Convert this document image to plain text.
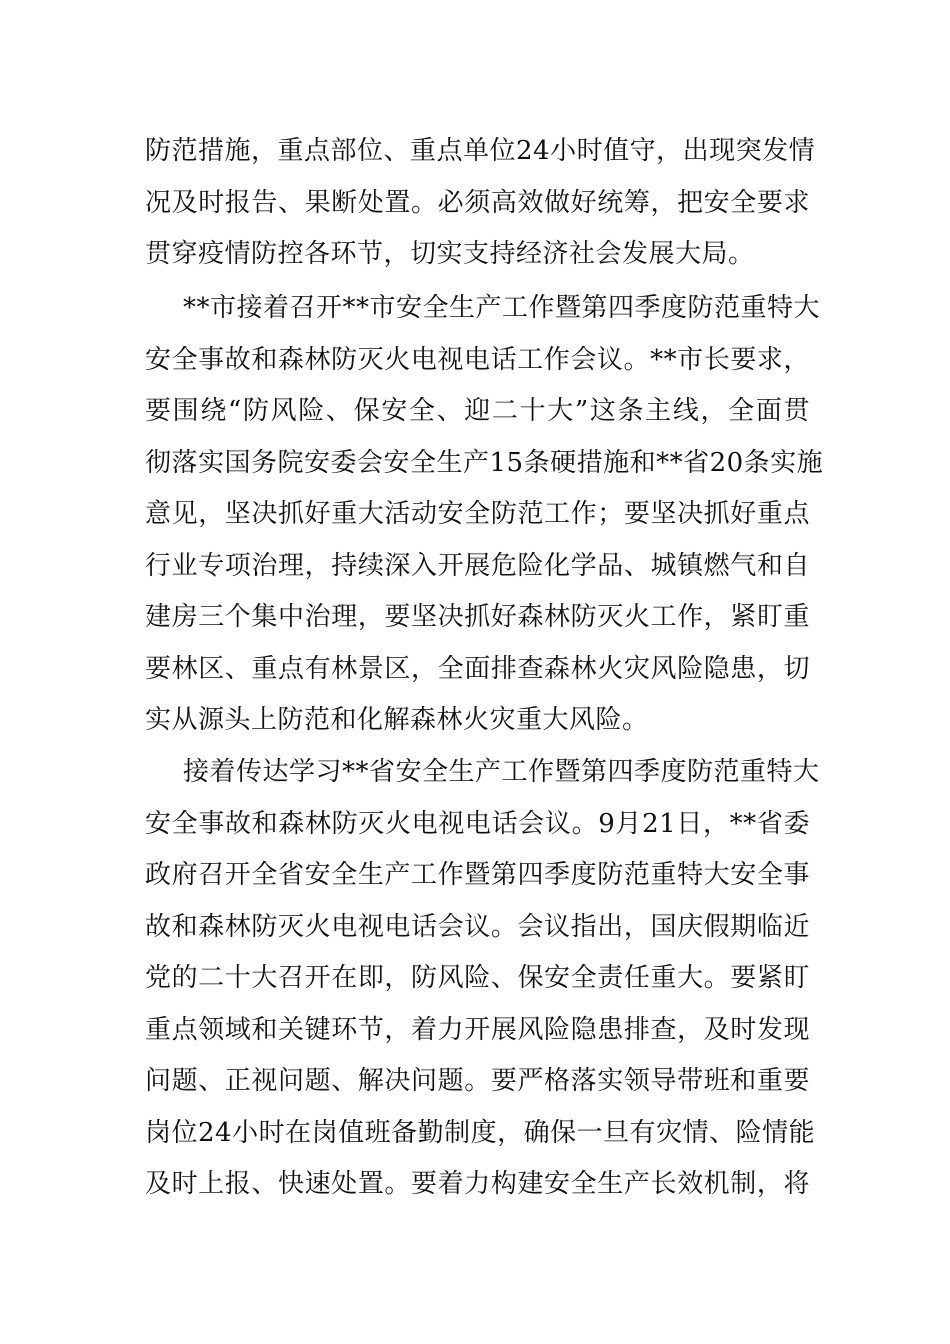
防范措施，重点部位、重点单位24小时值守，出现突发情
况及时报告、果断处置。必须高效做好统筹，把安全要求
贯穿疫情防控各环节，切实支持经济社会发展大局。
**市接着召开**市安全生产工作暨第四季度防范重特大
安全事故和森林防灭火电视电话工作会议。**市长要求，
要围绕“防风险、保安全、迎二十大”这条主线，全面贯
彻落实国务院安委会安全生产15条硬措施和**省20条实施
意见，坚决抓好重大活动安全防范工作；要坚决抓好重点
行业专项治理，持续深入开展危险化学品、城镇燃气和自
建房三个集中治理，要坚决抓好森林防灭火工作，紧盯重
要林区、重点有林景区，全面排查森林火灾风险隐患，切
实从源头上防范和化解森林火灾重大风险。
接着传达学习**省安全生产工作暨第四季度防范重特大
安全事故和森林防灭火电视电话会议。9月21日，**省委
政府召开全省安全生产工作暨第四季度防范重特大安全事
故和森林防灭火电视电话会议。会议指出，国庆假期临近
党的二十大召开在即，防风险、保安全责任重大。要紧盯
重点领域和关键环节，着力开展风险隐患排查，及时发现
问题、正视问题、解决问题。要严格落实领导带班和重要
岗位24小时在岗值班备勤制度，确保一旦有灾情、险情能
及时上报、快速处置。要着力构建安全生产长效机制，将
